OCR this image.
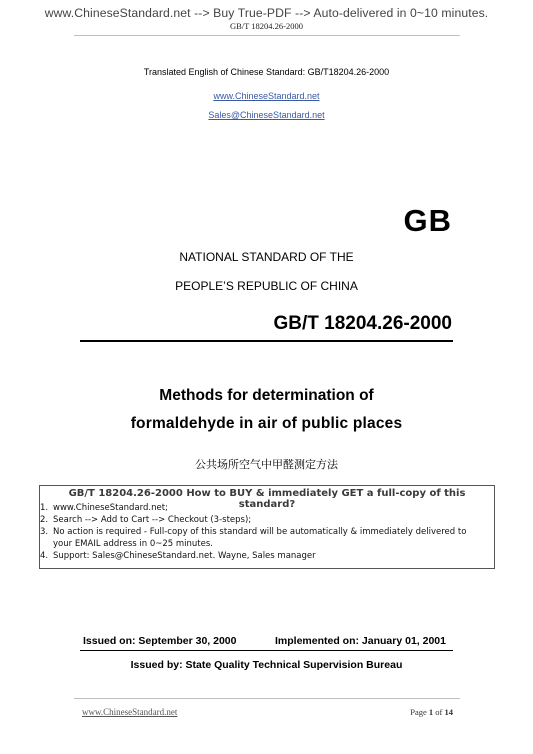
www.ChineseStandard.net --> Buy True-PDF --> Auto-delivered in 0~10 minutes.
GB/T 18204.26-2000
Translated English of Chinese Standard: GB/T18204.26-2000
www.ChineseStandard.net
Sales@ChineseStandard.net
GB
NATIONAL STANDARD OF THE
PEOPLE’S REPUBLIC OF CHINA
GB/T 18204.26-2000
Methods for determination of
formaldehyde in air of public places
公共场所空气中甲醛测定方法
GB/T 18204.26-2000 How to BUY & immediately GET a full-copy of this standard?
1. www.ChineseStandard.net;
2. Search --> Add to Cart --> Checkout (3-steps);
3. No action is required - Full-copy of this standard will be automatically & immediately delivered to your EMAIL address in 0~25 minutes.
4. Support: Sales@ChineseStandard.net. Wayne, Sales manager
Issued on: September 30, 2000	Implemented on: January 01, 2001
Issued by: State Quality Technical Supervision Bureau
www.ChineseStandard.net	Page 1 of 14
